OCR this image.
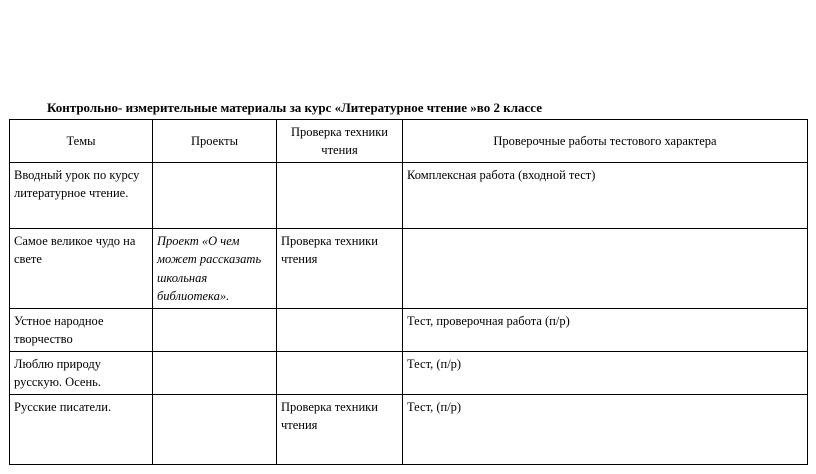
Контрольно- измерительные материалы за курс «Литературное чтение »во 2 классе
Темы	Проекты	Проверка техники чтения	Проверочные работы тестового характера
Вводный урок по курсу литературное чтение.			Комплексная работа (входной тест)
Самое великое чудо на свете	Проект «О чем может рассказать школьная библиотека».	Проверка техники чтения	
Устное народное творчество			Тест, проверочная работа (п/р)
Люблю природу русскую. Осень.			Тест, (п/р)
Русские писатели.		Проверка техники чтения	Тест, (п/р)
